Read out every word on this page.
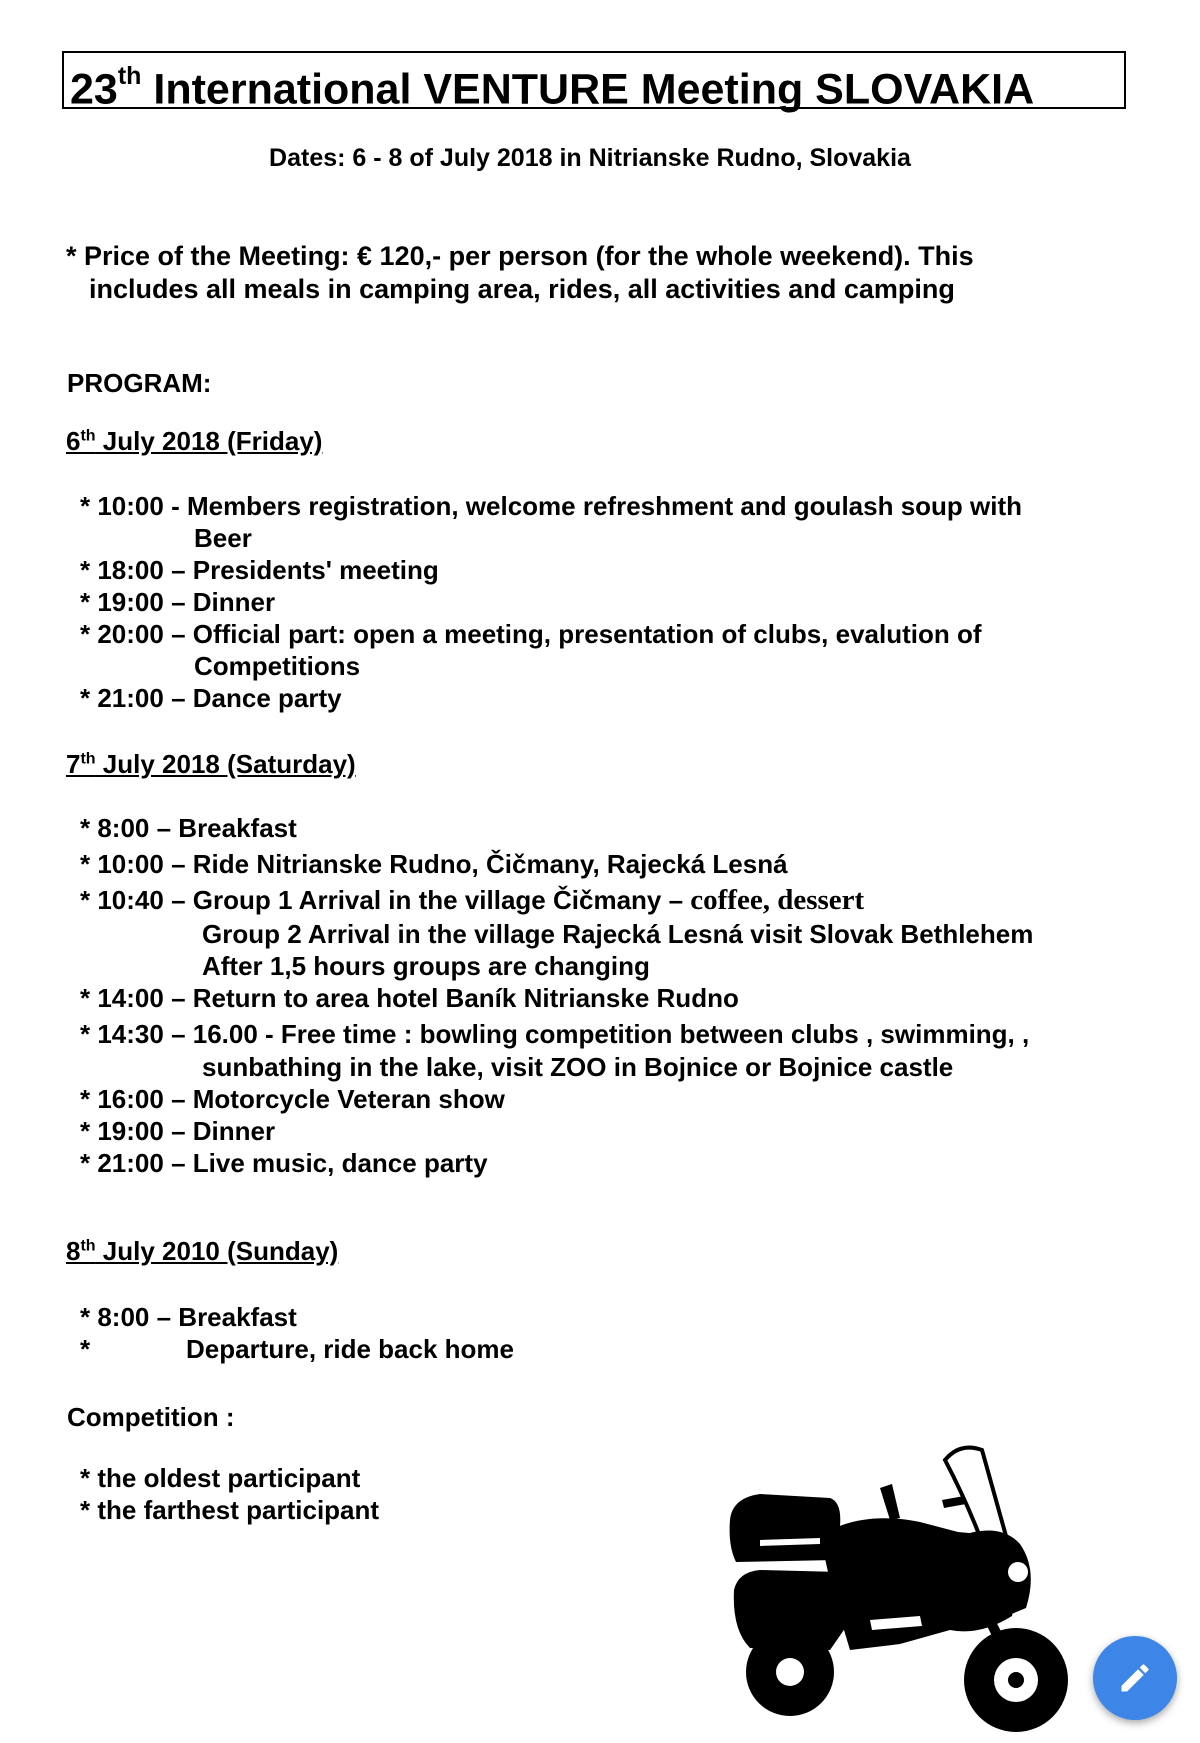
23th International VENTURE Meeting SLOVAKIA
Dates: 6 - 8 of July 2018 in Nitrianske Rudno, Slovakia
* Price of the Meeting: € 120,- per person (for the whole weekend). This
includes all meals in camping area, rides, all activities and camping
PROGRAM:
6th July 2018 (Friday)
* 10:00 - Members registration, welcome refreshment and goulash soup with
Beer
* 18:00 – Presidents' meeting
* 19:00 – Dinner
* 20:00 – Official part: open a meeting, presentation of clubs, evalution of
Competitions
* 21:00 – Dance party
7th July 2018 (Saturday)
* 8:00 – Breakfast
* 10:00 – Ride Nitrianske Rudno, Čičmany, Rajecká Lesná
* 10:40 – Group 1 Arrival in the village Čičmany – coffee, dessert
Group 2 Arrival in the village Rajecká Lesná visit Slovak Bethlehem
After 1,5 hours groups are changing
* 14:00 – Return to area hotel Baník Nitrianske Rudno
* 14:30 – 16.00 - Free time : bowling competition between clubs , swimming, ,
sunbathing in the lake, visit ZOO in Bojnice or Bojnice castle
* 16:00 – Motorcycle Veteran show
* 19:00 – Dinner
* 21:00 – Live music, dance party
8th July 2010 (Sunday)
* 8:00 – Breakfast
*	Departure, ride back home
Competition :
* the oldest participant
* the farthest participant
